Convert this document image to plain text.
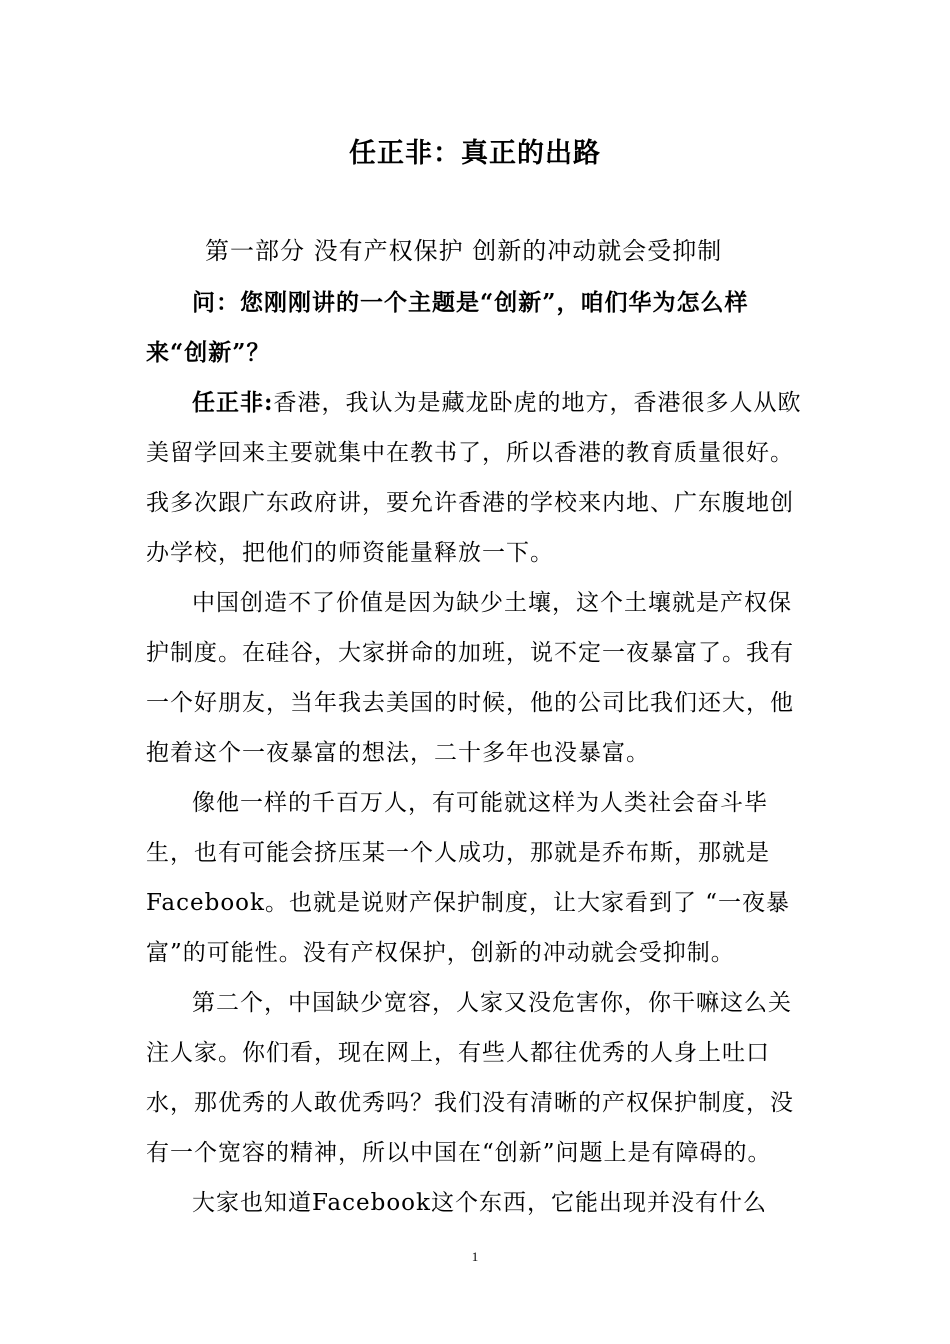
任正非：真正的出路
第一部分 没有产权保护 创新的冲动就会受抑制

问：您刚刚讲的一个主题是“创新”，咱们华为怎么样来“创新”？

任正非:香港，我认为是藏龙卧虎的地方，香港很多人从欧美留学回来主要就集中在教书了，所以香港的教育质量很好。我多次跟广东政府讲，要允许香港的学校来内地、广东腹地创办学校，把他们的师资能量释放一下。

中国创造不了价值是因为缺少土壤，这个土壤就是产权保护制度。在硅谷，大家拼命的加班，说不定一夜暴富了。我有一个好朋友，当年我去美国的时候，他的公司比我们还大，他抱着这个一夜暴富的想法，二十多年也没暴富。

像他一样的千百万人，有可能就这样为人类社会奋斗毕生，也有可能会挤压某一个人成功，那就是乔布斯，那就是Facebook。也就是说财产保护制度，让大家看到了 “一夜暴富”的可能性。没有产权保护，创新的冲动就会受抑制。

第二个，中国缺少宽容，人家又没危害你，你干嘛这么关注人家。你们看，现在网上，有些人都往优秀的人身上吐口水，那优秀的人敢优秀吗？我们没有清晰的产权保护制度，没有一个宽容的精神，所以中国在“创新”问题上是有障碍的。

大家也知道Facebook这个东西，它能出现并没有什么

1
